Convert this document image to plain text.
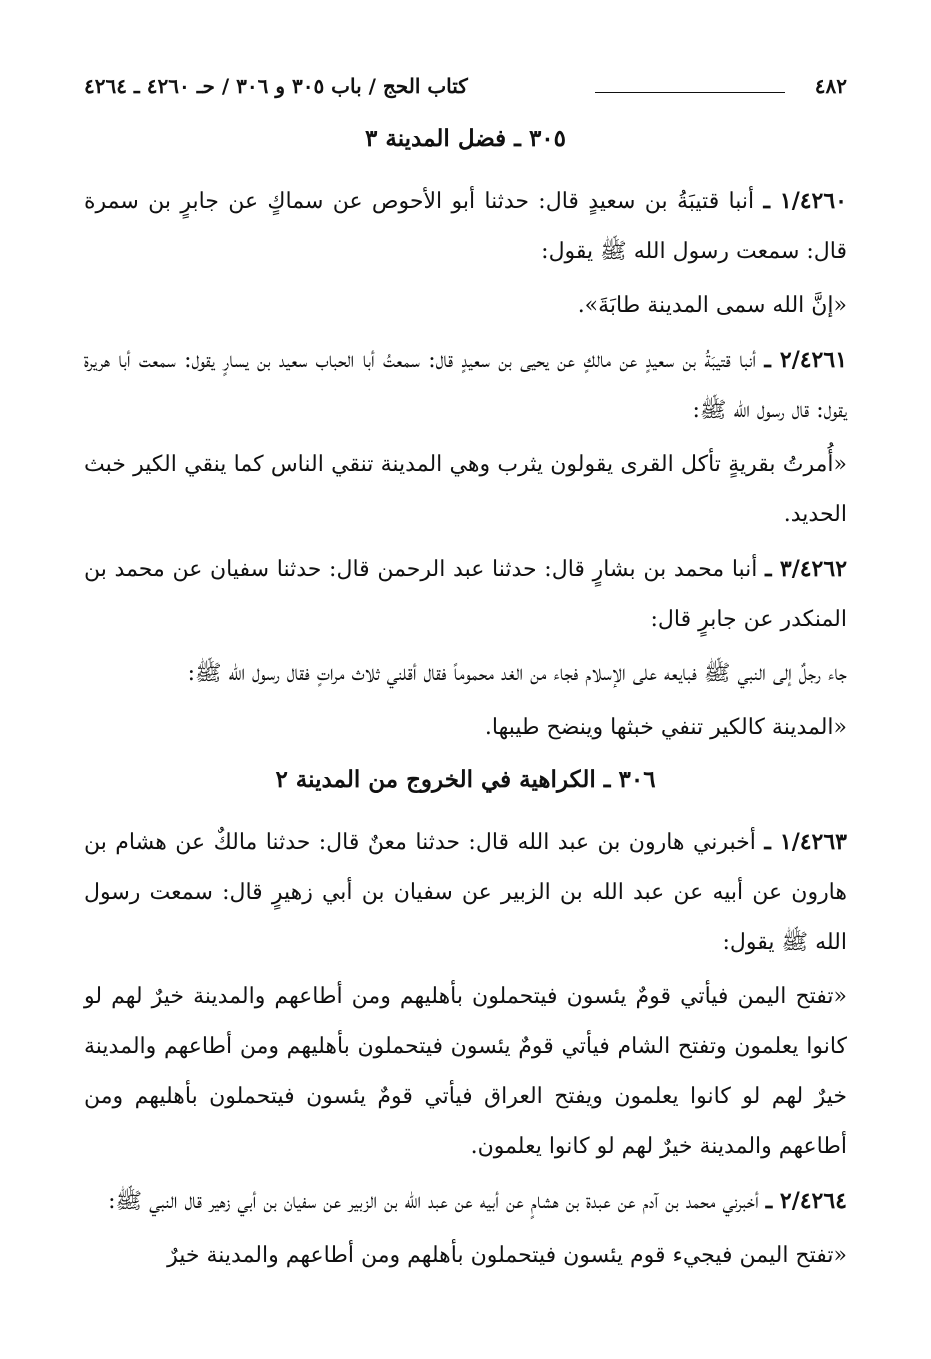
٤٨٢
كتاب الحج / باب ٣٠٥ و ٣٠٦ / حـ ٤٢٦٠ ـ ٤٢٦٤
٣٠٥ ـ فضل المدينة ٣

١/٤٢٦٠ ـ أنبا قتيبَةُ بن سعيدٍ قال: حدثنا أبو الأحوص عن سماكٍ عن جابرٍ بن سمرة قال: سمعت رسول الله ﷺ يقول:

«إنَّ الله سمى المدينة طابَةَ».

٢/٤٢٦١ ـ أنبا قتيبَةُ بن سعيدٍ عن مالكٍ عن يحيى بن سعيدٍ قال: سمعتُ أبا الحباب سعيد بن يسارٍ يقول: سمعت أبا هريرة يقول: قال رسول الله ﷺ:

«أُمرتُ بقريةٍ تأكل القرى يقولون يثرب وهي المدينة تنقي الناس كما ينقي الكير خبث الحديد.

٣/٤٢٦٢ ـ أنبا محمد بن بشارٍ قال: حدثنا عبد الرحمن قال: حدثنا سفيان عن محمد بن المنكدر عن جابرٍ قال:

جاء رجلٌ إلى النبي ﷺ فبايعه على الإسلام فجاء من الغد محموماً فقال أقلني ثلاث مراتٍ فقال رسول الله ﷺ:

«المدينة كالكير تنفي خبثها وينضح طيبها.

٣٠٦ ـ الكراهية في الخروج من المدينة ٢

١/٤٢٦٣ ـ أخبرني هارون بن عبد الله قال: حدثنا معنٌ قال: حدثنا مالكٌ عن هشام بن هارون عن أبيه عن عبد الله بن الزبير عن سفيان بن أبي زهيرٍ قال: سمعت رسول الله ﷺ يقول:

«تفتح اليمن فيأتي قومٌ يئسون فيتحملون بأهليهم ومن أطاعهم والمدينة خيرٌ لهم لو كانوا يعلمون وتفتح الشام فيأتي قومٌ يئسون فيتحملون بأهليهم ومن أطاعهم والمدينة خيرٌ لهم لو كانوا يعلمون ويفتح العراق فيأتي قومٌ يئسون فيتحملون بأهليهم ومن أطاعهم والمدينة خيرٌ لهم لو كانوا يعلمون.

٢/٤٢٦٤ ـ أخبرني محمد بن آدم عن عبدة بن هشامٍ عن أبيه عن عبد الله بن الزبير عن سفيان بن أبي زهير قال النبي ﷺ:

«تفتح اليمن فيجيء قوم يئسون فيتحملون بأهلهم ومن أطاعهم والمدينة خيرٌ
